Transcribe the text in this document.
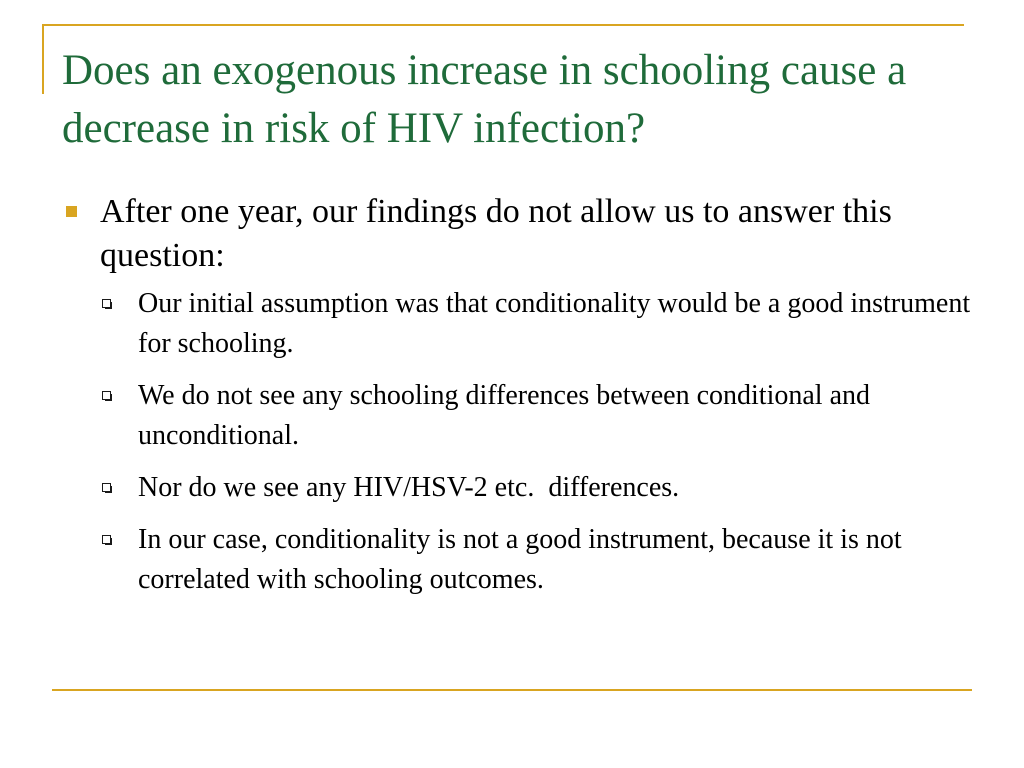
Does an exogenous increase in schooling cause a decrease in risk of HIV infection?
After one year, our findings do not allow us to answer this question:
Our initial assumption was that conditionality would be a good instrument for schooling.
We do not see any schooling differences between conditional and unconditional.
Nor do we see any HIV/HSV-2 etc.  differences.
In our case, conditionality is not a good instrument, because it is not correlated with schooling outcomes.
